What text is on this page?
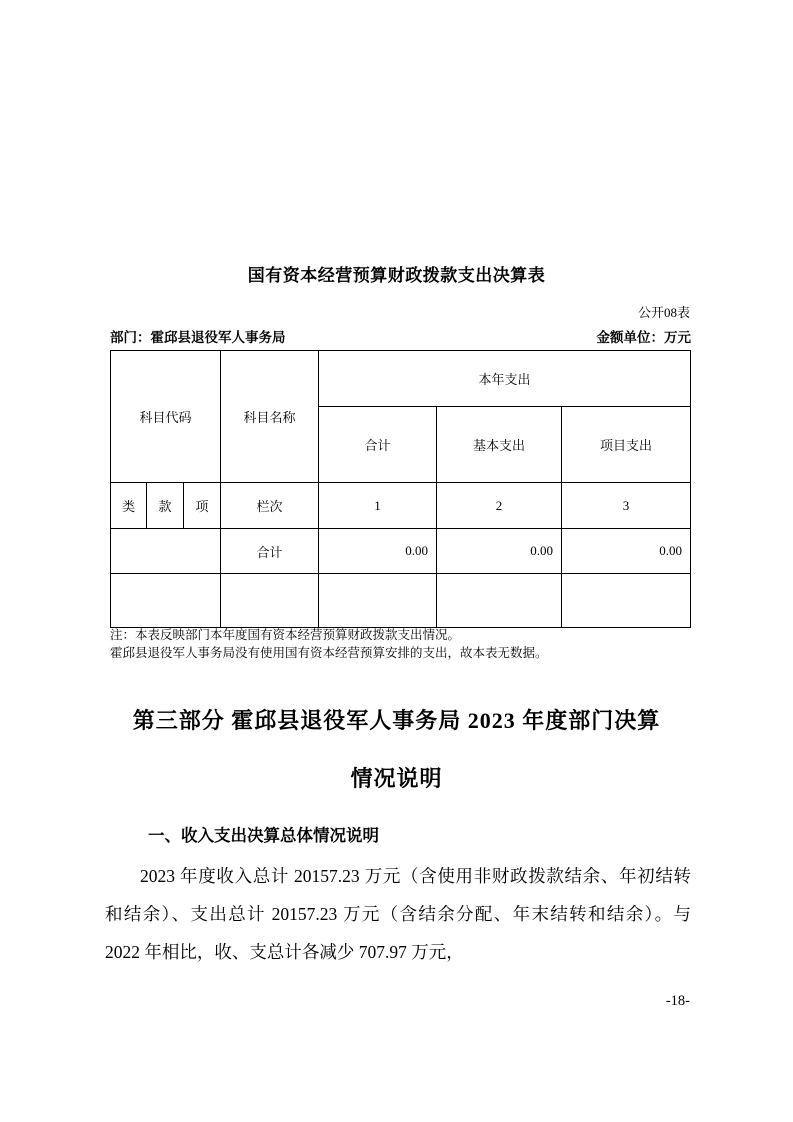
国有资本经营预算财政拨款支出决算表
公开08表
部门：霍邱县退役军人事务局	金额单位：万元
科目代码			科目名称	本年支出		
				合计	基本支出	项目支出
类	款	项	栏次	1	2	3
			合计	0.00	0.00	0.00

注：本表反映部门本年度国有资本经营预算财政拨款支出情况。
霍邱县退役军人事务局没有使用国有资本经营预算安排的支出，故本表无数据。
第三部分 霍邱县退役军人事务局 2023 年度部门决算
情况说明
一、收入支出决算总体情况说明
2023 年度收入总计 20157.23 万元（含使用非财政拨款结余、年初结转和结余）、支出总计 20157.23 万元（含结余分配、年末结转和结余）。与 2022 年相比，收、支总计各减少 707.97 万元，
-18-
